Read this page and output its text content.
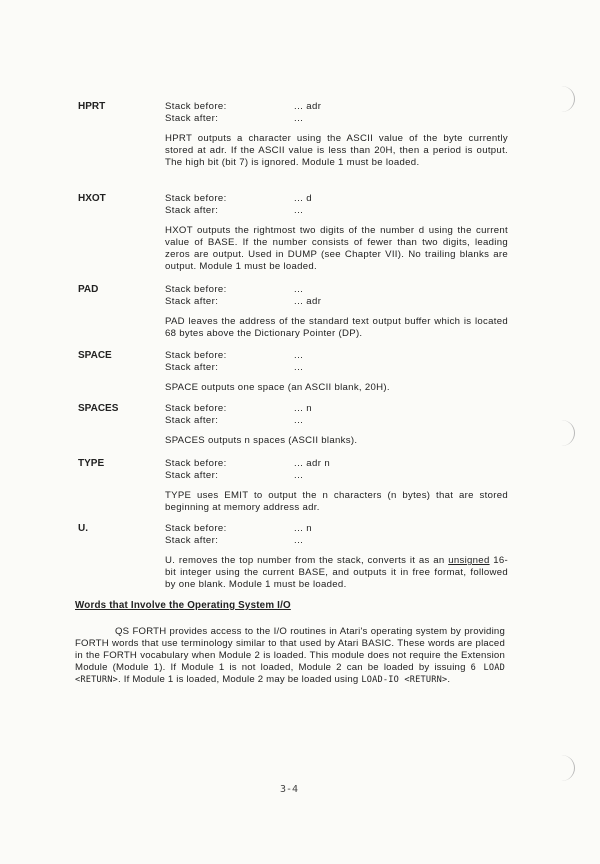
HPRT	Stack before:	... adr
Stack after:	...
HPRT outputs a character using the ASCII value of the byte currently stored at adr. If the ASCII value is less than 20H, then a period is output. The high bit (bit 7) is ignored. Module 1 must be loaded.
HXOT	Stack before:	... d
Stack after:	...
HXOT outputs the rightmost two digits of the number d using the current value of BASE. If the number consists of fewer than two digits, leading zeros are output. Used in DUMP (see Chapter VII). No trailing blanks are output. Module 1 must be loaded.
PAD	Stack before:	...
Stack after:	... adr
PAD leaves the address of the standard text output buffer which is located 68 bytes above the Dictionary Pointer (DP).
SPACE	Stack before:	...
Stack after:	...
SPACE outputs one space (an ASCII blank, 20H).
SPACES	Stack before:	... n
Stack after:	...
SPACES outputs n spaces (ASCII blanks).
TYPE	Stack before:	... adr n
Stack after:	...
TYPE uses EMIT to output the n characters (n bytes) that are stored beginning at memory address adr.
U.	Stack before:	... n
Stack after:	...
U. removes the top number from the stack, converts it as an unsigned 16-bit integer using the current BASE, and outputs it in free format, followed by one blank. Module 1 must be loaded.
Words that Involve the Operating System I/O
QS FORTH provides access to the I/O routines in Atari's operating system by providing FORTH words that use terminology similar to that used by Atari BASIC. These words are placed in the FORTH vocabulary when Module 2 is loaded. This module does not require the Extension Module (Module 1). If Module 1 is not loaded, Module 2 can be loaded by issuing 6 LOAD <RETURN>. If Module 1 is loaded, Module 2 may be loaded using LOAD-IO <RETURN>.
3-4
